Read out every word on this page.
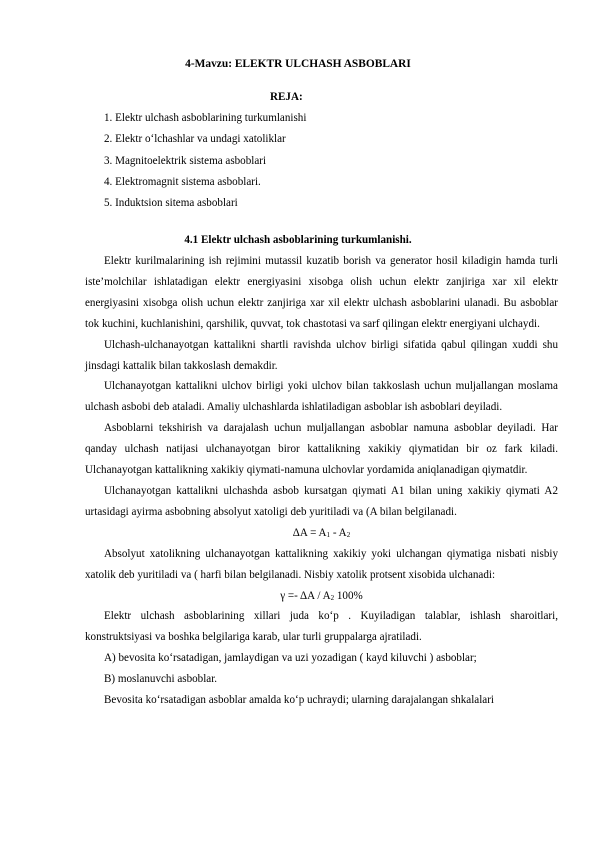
4-Mavzu: ELEKTR ULCHASH ASBOBLARI
REJA:
1. Elektr ulchash asboblarining turkumlanishi
2. Elektr o‘lchashlar va undagi xatoliklar
3. Magnitoelektrik sistema asboblari
4. Elektromagnit sistema asboblari.
5. Induktsion sitema asboblari
4.1 Elektr ulchash asboblarining turkumlanishi.

Elektr kurilmalarining ish rejimini mutassil kuzatib borish va generator hosil kiladigin hamda turli iste’molchilar ishlatadigan elektr energiyasini xisobga olish uchun elektr zanjiriga xar xil elektr energiyasini xisobga olish uchun elektr zanjiriga xar xil elektr ulchash asboblarini ulanadi. Bu asboblar tok kuchini, kuchlanishini, qarshilik, quvvat, tok chastotasi va sarf qilingan elektr energiyani ulchaydi.

Ulchash-ulchanayotgan kattalikni shartli ravishda ulchov birligi sifatida qabul qilingan xuddi shu jinsdagi kattalik bilan takkoslash demakdir.

Ulchanayotgan kattalikni ulchov birligi yoki ulchov bilan takkoslash uchun muljallangan moslama ulchash asbobi deb ataladi. Amaliy ulchashlarda ishlatiladigan asboblar ish asboblari deyiladi.

Asboblarni tekshirish va darajalash uchun muljallangan asboblar namuna asboblar deyiladi. Har qanday ulchash natijasi ulchanayotgan biror kattalikning xakikiy qiymatidan bir oz fark kiladi. Ulchanayotgan kattalikning xakikiy qiymati-namuna ulchovlar yordamida aniqlanadigan qiymatdir.

Ulchanayotgan kattalikni ulchashda asbob kursatgan qiymati A1 bilan uning xakikiy qiymati A2 urtasidagi ayirma asbobning absolyut xatoligi deb yuritiladi va (A bilan belgilanadi.

$\Delta A = A_1 - A_2$

Absolyut xatolikning ulchanayotgan kattalikning xakikiy yoki ulchangan qiymatiga nisbati nisbiy xatolik deb yuritiladi va ( harfi bilan belgilanadi. Nisbiy xatolik protsent xisobida ulchanadi:

$\gamma =- \Delta A / A_2$ 100%

Elektr ulchash asboblarining xillari juda ko‘p . Kuyiladigan talablar, ishlash sharoitlari, konstruktsiyasi va boshka belgilariga karab, ular turli gruppalarga ajratiladi.

A) bevosita ko‘rsatadigan, jamlaydigan va uzi yozadigan ( kayd kiluvchi ) asboblar;

B) moslanuvchi asboblar.

Bevosita ko‘rsatadigan asboblar amalda ko‘p uchraydi; ularning darajalangan shkalalari
